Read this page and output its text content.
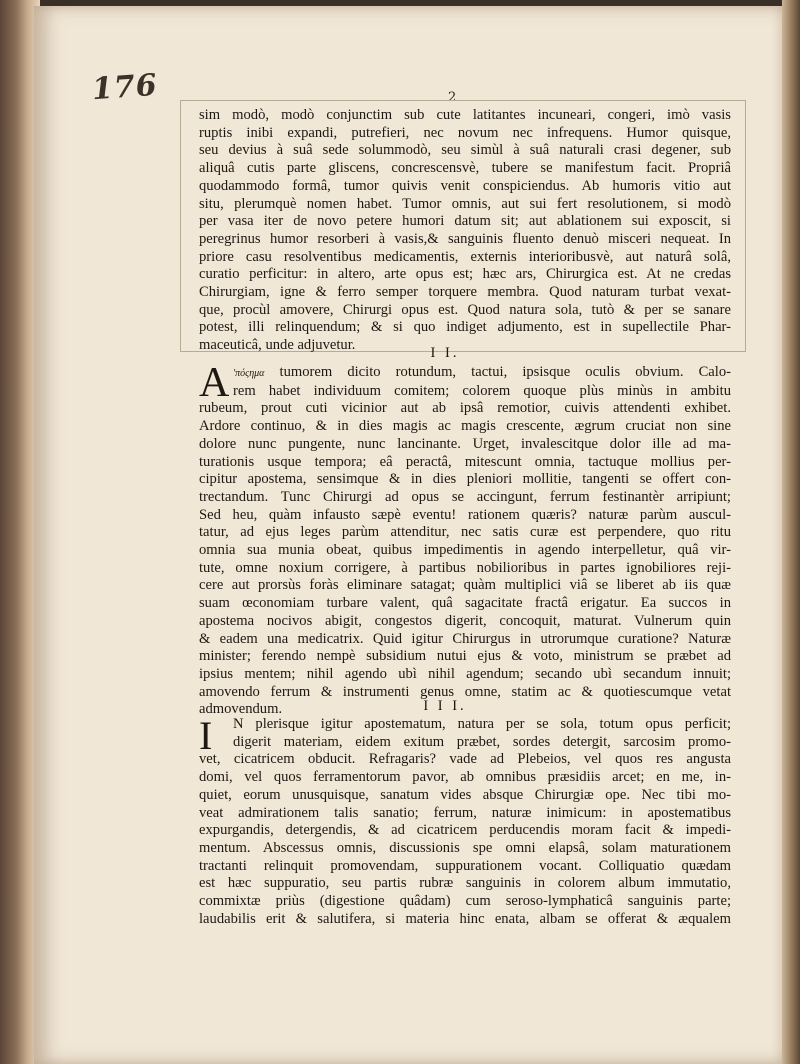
176	2
sim modò, modò conjunctim sub cute latitantes incuneari, congeri, imò vasis
ruptis inibi expandi, putrefieri, nec novum nec infrequens. Humor quisque,
seu devius à suâ sede solummodò, seu simùl à suâ naturali crasi degener, sub
aliquâ cutis parte gliscens, concrescensvè, tubere se manifestum facit. Propriâ
quodammodo formâ, tumor quivis venit conspiciendus. Ab humoris vitio aut
situ, plerumquè nomen habet. Tumor omnis, aut sui fert resolutionem, si modò
per vasa iter de novo petere humori datum sit; aut ablationem sui exposcit, si
peregrinus humor resorberi à vasis,& sanguinis fluento denuò misceri nequeat. In
priore casu resolventibus medicamentis, externis interioribusvè, aut naturâ solâ,
curatio perficitur: in altero, arte opus est; hæc ars, Chirurgica est. At ne credas
Chirurgiam, igne & ferro semper torquere membra. Quod naturam turbat vexat-
que, procùl amovere, Chirurgi opus est. Quod natura sola, tutò & per se sanare
potest, illi relinquendum; & si quo indiget adjumento, est in supellectile Phar-
maceuticâ, unde adjuvetur.	I I.
A 'πόςημα tumorem dicito rotundum, tactui, ipsisque oculis obvium. Calo-
rem habet individuum comitem; colorem quoque plùs minùs in ambitu
rubeum, prout cuti vicinior aut ab ipsâ remotior, cuivis attendenti exhibet.
Ardore continuo, & in dies magis ac magis crescente, ægrum cruciat non sine
dolore nunc pungente, nunc lancinante. Urget, invalescitque dolor ille ad ma-
turationis usque tempora; eâ peractâ, mitescunt omnia, tactuque mollius per-
cipitur apostema, sensimque & in dies pleniori mollitie, tangenti se offert con-
trectandum. Tunc Chirurgi ad opus se accingunt, ferrum festinantèr arripiunt;
Sed heu, quàm infausto sæpè eventu! rationem quæris? naturæ parùm auscul-
tatur, ad ejus leges parùm attenditur, nec satis curæ est perpendere, quo ritu
omnia sua munia obeat, quibus impedimentis in agendo interpelletur, quâ vir-
tute, omne noxium corrigere, à partibus nobilioribus in partes ignobiliores reji-
cere aut prorsùs foràs eliminare satagat; quàm multiplici viâ se liberet ab iis quæ
suam œconomiam turbare valent, quâ sagacitate fractâ erigatur. Ea succos in
apostema nocivos abigit, congestos digerit, concoquit, maturat. Vulnerum quin
& eadem una medicatrix. Quid igitur Chirurgus in utrorumque curatione? Naturæ
minister; ferendo nempè subsidium nutui ejus & voto, ministrum se præbet ad
ipsius mentem; nihil agendo ubì nihil agendum; secando ubì secandum innuit;
amovendo ferrum & instrumenti genus omne, statim ac & quotiescumque vetat
admovendum.	I I I.
I	N plerisque igitur apostematum, natura per se sola, totum opus perficit;
digerit materiam, eidem exitum præbet, sordes detergit, sarcosim promo-
vet, cicatricem obducit. Refragaris? vade ad Plebeios, vel quos res angusta
domi, vel quos ferramentorum pavor, ab omnibus præsidiis arcet; en me, in-
quiet, eorum unusquisque, sanatum vides absque Chirurgiæ ope. Nec tibi mo-
veat admirationem talis sanatio; ferrum, naturæ inimicum: in apostematibus
expurgandis, detergendis, & ad cicatricem perducendis moram facit & impedi-
mentum. Abscessus omnis, discussionis spe omni elapsâ, solam maturationem
tractanti relinquit promovendam, suppurationem vocant. Colliquatio quædam
est hæc suppuratio, seu partis rubræ sanguinis in colorem album immutatio,
commixtæ priùs (digestione quâdam) cum seroso-lymphaticâ sanguinis parte;
laudabilis erit & salutifera, si materia hinc enata, albam se offerat & æqualem
